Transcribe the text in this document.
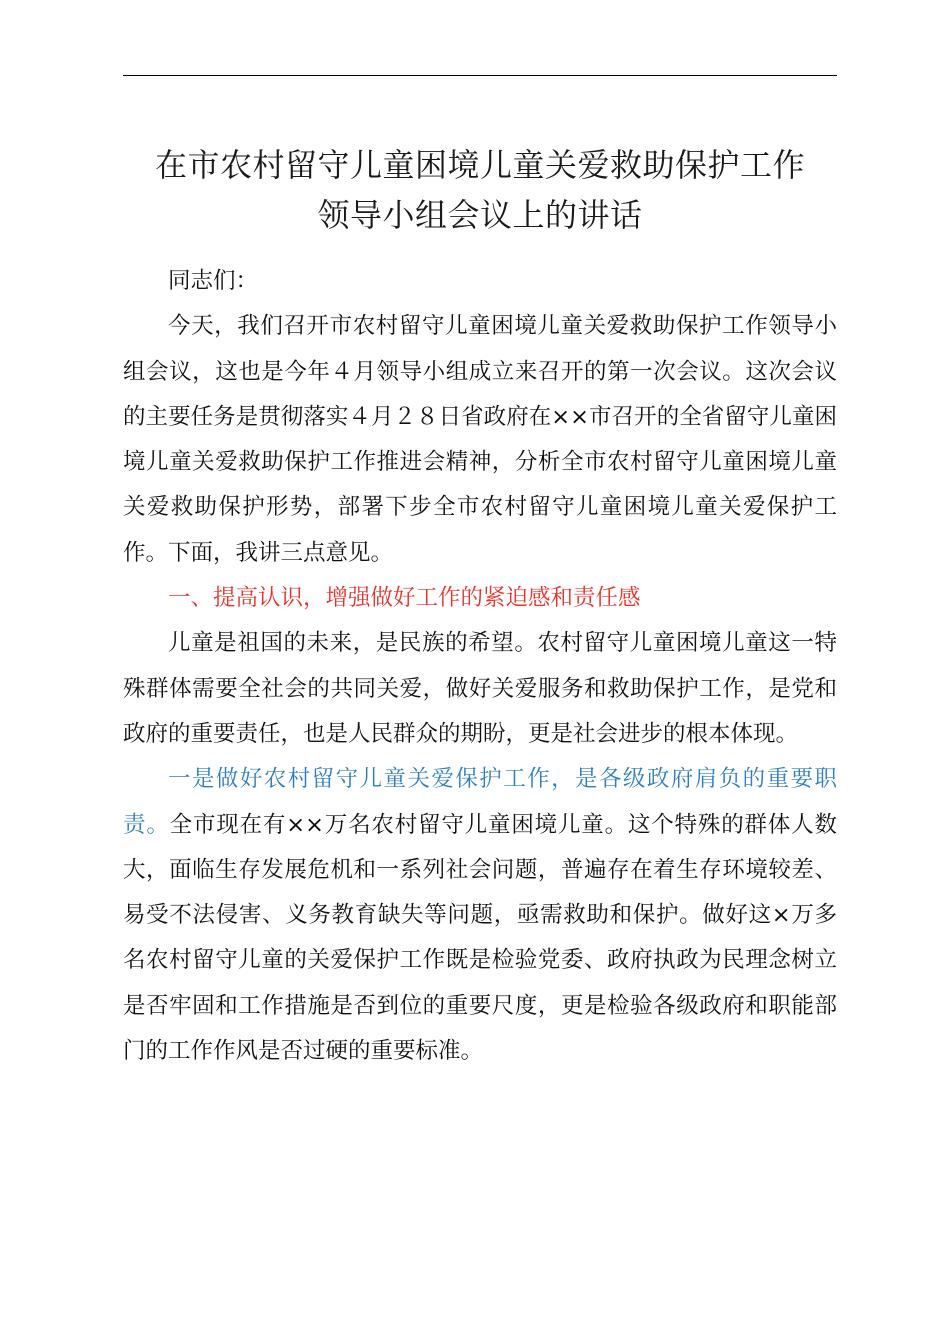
在市农村留守儿童困境儿童关爱救助保护工作
领导小组会议上的讲话

同志们：

今天，我们召开市农村留守儿童困境儿童关爱救助保护工作领导小组会议，这也是今年４月领导小组成立来召开的第一次会议。这次会议的主要任务是贯彻落实４月２８日省政府在××市召开的全省留守儿童困境儿童关爱救助保护工作推进会精神，分析全市农村留守儿童困境儿童关爱救助保护形势，部署下步全市农村留守儿童困境儿童关爱保护工作。下面，我讲三点意见。

一、提高认识，增强做好工作的紧迫感和责任感

儿童是祖国的未来，是民族的希望。农村留守儿童困境儿童这一特殊群体需要全社会的共同关爱，做好关爱服务和救助保护工作，是党和政府的重要责任，也是人民群众的期盼，更是社会进步的根本体现。

一是做好农村留守儿童关爱保护工作，是各级政府肩负的重要职责。全市现在有××万名农村留守儿童困境儿童。这个特殊的群体人数大，面临生存发展危机和一系列社会问题，普遍存在着生存环境较差、易受不法侵害、义务教育缺失等问题，亟需救助和保护。做好这×万多名农村留守儿童的关爱保护工作既是检验党委、政府执政为民理念树立是否牢固和工作措施是否到位的重要尺度，更是检验各级政府和职能部门的工作作风是否过硬的重要标准。
